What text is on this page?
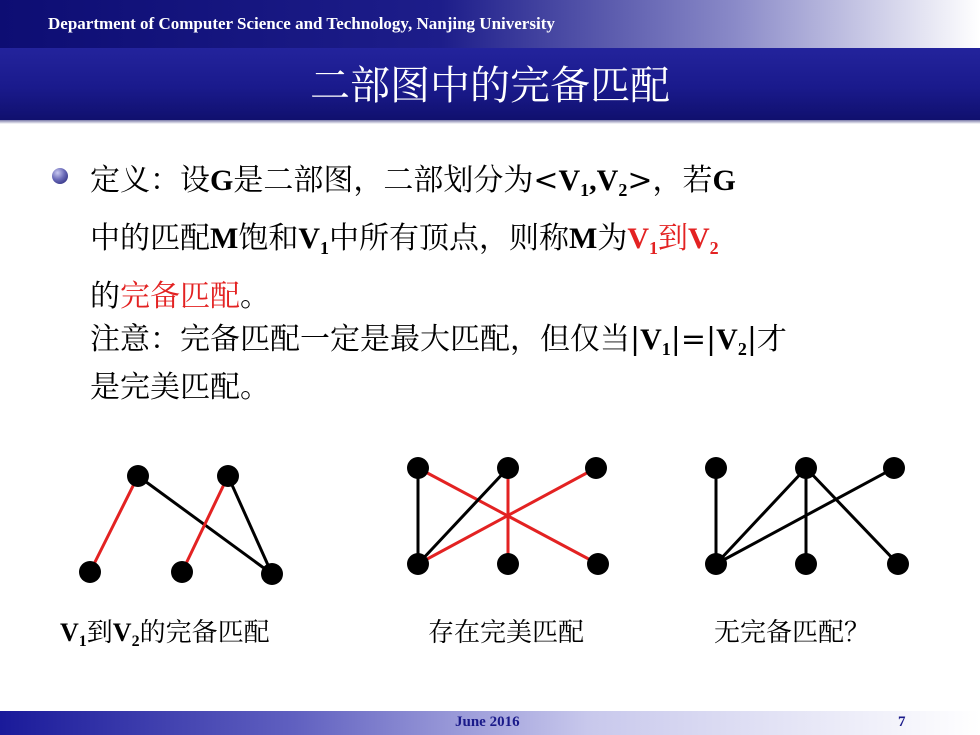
Department of Computer Science and Technology, Nanjing University
二部图中的完备匹配
定义：设G是二部图，二部划分为$<V_1,V_2>$，若G
中的匹配M饱和$V_1$中所有顶点，则称M为$V_1$到$V_2$
的完备匹配。
注意：完备匹配一定是最大匹配，但仅当$|V_1|=|V_2|$才
是完美匹配。
$V_1$到$V_2$的完备匹配	存在完美匹配	无完备匹配？
June 2016	7
